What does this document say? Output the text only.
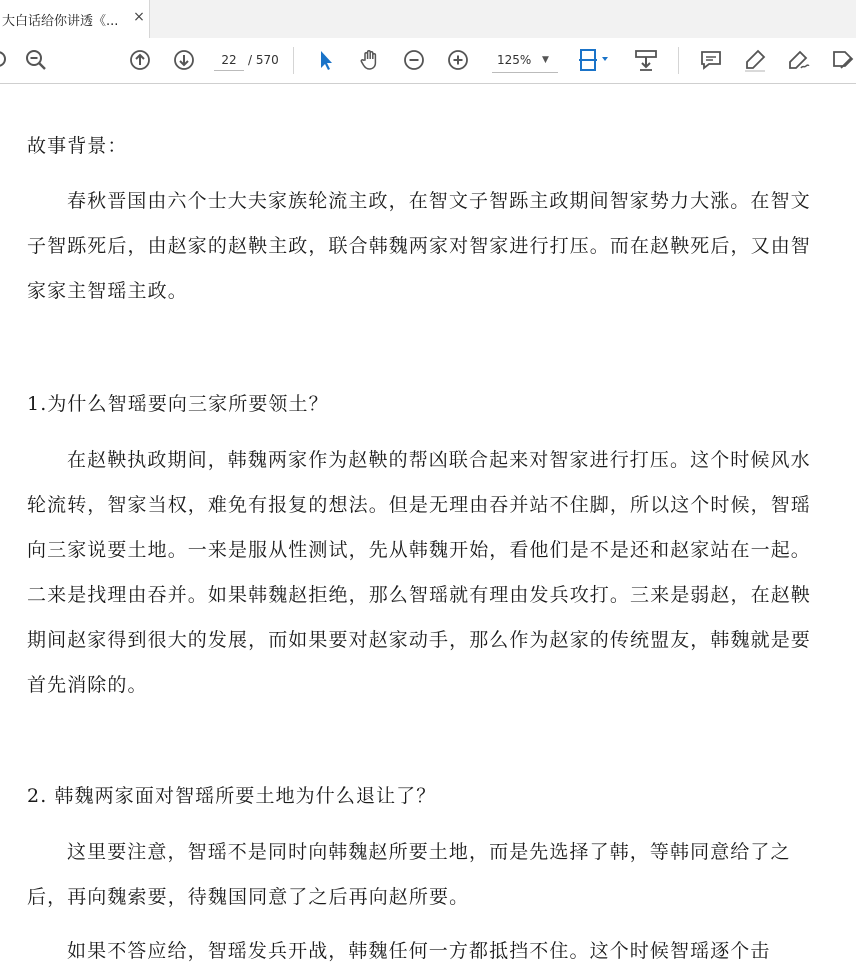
大白话给你讲透《... ×
22 / 570	125% ▼

故事背景：

春秋晋国由六个士大夫家族轮流主政，在智文子智跞主政期间智家势力大涨。在智文子智跞死后，由赵家的赵鞅主政，联合韩魏两家对智家进行打压。而在赵鞅死后，又由智家家主智瑶主政。

1.为什么智瑶要向三家所要领土？

在赵鞅执政期间，韩魏两家作为赵鞅的帮凶联合起来对智家进行打压。这个时候风水轮流转，智家当权，难免有报复的想法。但是无理由吞并站不住脚，所以这个时候，智瑶向三家说要土地。一来是服从性测试，先从韩魏开始，看他们是不是还和赵家站在一起。二来是找理由吞并。如果韩魏赵拒绝，那么智瑶就有理由发兵攻打。三来是弱赵，在赵鞅期间赵家得到很大的发展，而如果要对赵家动手，那么作为赵家的传统盟友，韩魏就是要首先消除的。

2. 韩魏两家面对智瑶所要土地为什么退让了？

这里要注意，智瑶不是同时向韩魏赵所要土地，而是先选择了韩，等韩同意给了之后，再向魏索要，待魏国同意了之后再向赵所要。

如果不答应给，智瑶发兵开战，韩魏任何一方都抵挡不住。这个时候智瑶逐个击
